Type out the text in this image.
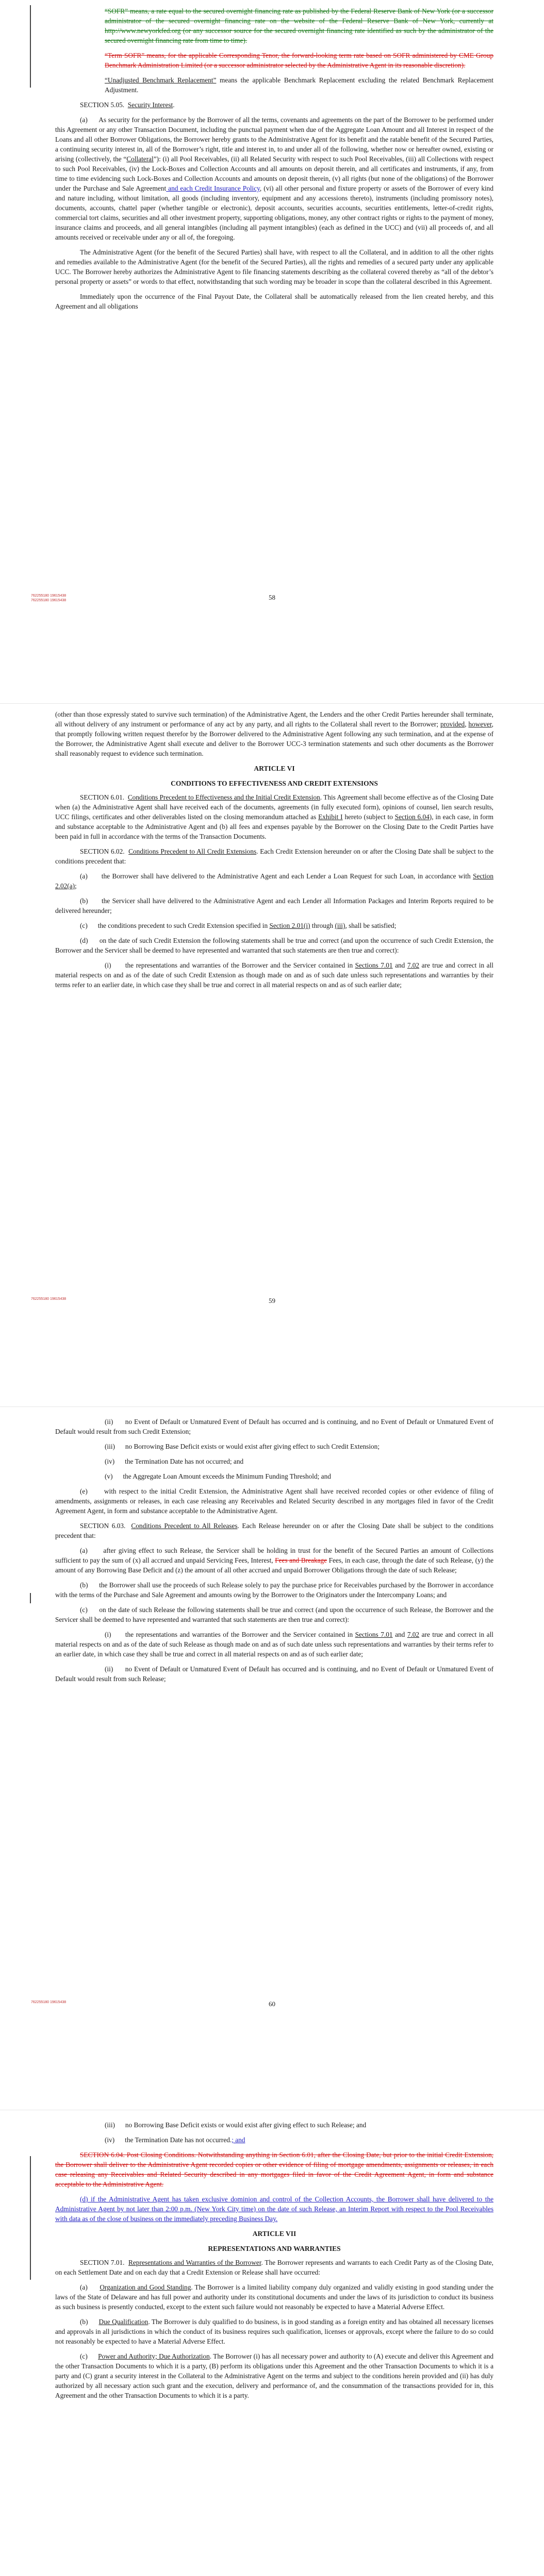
“SOFR” means, a rate equal to the secured overnight financing rate as published by the Federal Reserve Bank of New York (or a successor administrator of the secured overnight financing rate on the website of the Federal Reserve Bank of New York, currently at http://www.newyorkfed.org (or any successor source for the secured overnight financing rate identified as such by the administrator of the secured overnight financing rate from time to time).

“Term SOFR” means, for the applicable Corresponding Tenor, the forward-looking term rate based on SOFR administered by CME Group Benchmark Administration Limited (or a successor administrator selected by the Administrative Agent in its reasonable discretion).

“Unadjusted Benchmark Replacement” means the applicable Benchmark Replacement excluding the related Benchmark Replacement Adjustment.

SECTION 5.05. Security Interest.

(a) As security for the performance by the Borrower of all the terms, covenants and agreements on the part of the Borrower to be performed under this Agreement or any other Transaction Document, including the punctual payment when due of the Aggregate Loan Amount and all Interest in respect of the Loans and all other Borrower Obligations, the Borrower hereby grants to the Administrative Agent for its benefit and the ratable benefit of the Secured Parties, a continuing security interest in, all of the Borrower’s right, title and interest in, to and under all of the following, whether now or hereafter owned, existing or arising (collectively, the “Collateral”): (i) all Pool Receivables, (ii) all Related Security with respect to such Pool Receivables, (iii) all Collections with respect to such Pool Receivables, (iv) the Lock-Boxes and Collection Accounts and all amounts on deposit therein, and all certificates and instruments, if any, from time to time evidencing such Lock-Boxes and Collection Accounts and amounts on deposit therein, (v) all rights (but none of the obligations) of the Borrower under the Purchase and Sale Agreement and each Credit Insurance Policy, (vi) all other personal and fixture property or assets of the Borrower of every kind and nature including, without limitation, all goods (including inventory, equipment and any accessions thereto), instruments (including promissory notes), documents, accounts, chattel paper (whether tangible or electronic), deposit accounts, securities accounts, securities entitlements, letter-of-credit rights, commercial tort claims, securities and all other investment property, supporting obligations, money, any other contract rights or rights to the payment of money, insurance claims and proceeds, and all general intangibles (including all payment intangibles) (each as defined in the UCC) and (vii) all proceeds of, and all amounts received or receivable under any or all of, the foregoing.

The Administrative Agent (for the benefit of the Secured Parties) shall have, with respect to all the Collateral, and in addition to all the other rights and remedies available to the Administrative Agent (for the benefit of the Secured Parties), all the rights and remedies of a secured party under any applicable UCC. The Borrower hereby authorizes the Administrative Agent to file financing statements describing as the collateral covered thereby as “all of the debtor’s personal property or assets” or words to that effect, notwithstanding that such wording may be broader in scope than the collateral described in this Agreement.

Immediately upon the occurrence of the Final Payout Date, the Collateral shall be automatically released from the lien created hereby, and this Agreement and all obligations

762255180 19615438
762255180 19615438	58

(other than those expressly stated to survive such termination) of the Administrative Agent, the Lenders and the other Credit Parties hereunder shall terminate, all without delivery of any instrument or performance of any act by any party, and all rights to the Collateral shall revert to the Borrower; provided, however, that promptly following written request therefor by the Borrower delivered to the Administrative Agent following any such termination, and at the expense of the Borrower, the Administrative Agent shall execute and deliver to the Borrower UCC-3 termination statements and such other documents as the Borrower shall reasonably request to evidence such termination.

ARTICLE VI
CONDITIONS TO EFFECTIVENESS AND CREDIT EXTENSIONS

SECTION 6.01. Conditions Precedent to Effectiveness and the Initial Credit Extension. This Agreement shall become effective as of the Closing Date when (a) the Administrative Agent shall have received each of the documents, agreements (in fully executed form), opinions of counsel, lien search results, UCC filings, certificates and other deliverables listed on the closing memorandum attached as Exhibit I hereto (subject to Section 6.04), in each case, in form and substance acceptable to the Administrative Agent and (b) all fees and expenses payable by the Borrower on the Closing Date to the Credit Parties have been paid in full in accordance with the terms of the Transaction Documents.

SECTION 6.02. Conditions Precedent to All Credit Extensions. Each Credit Extension hereunder on or after the Closing Date shall be subject to the conditions precedent that:

(a) the Borrower shall have delivered to the Administrative Agent and each Lender a Loan Request for such Loan, in accordance with Section 2.02(a);

(b) the Servicer shall have delivered to the Administrative Agent and each Lender all Information Packages and Interim Reports required to be delivered hereunder;

(c) the conditions precedent to such Credit Extension specified in Section 2.01(i) through (iii), shall be satisfied;

(d) on the date of such Credit Extension the following statements shall be true and correct (and upon the occurrence of such Credit Extension, the Borrower and the Servicer shall be deemed to have represented and warranted that such statements are then true and correct):

(i) the representations and warranties of the Borrower and the Servicer contained in Sections 7.01 and 7.02 are true and correct in all material respects on and as of the date of such Credit Extension as though made on and as of such date unless such representations and warranties by their terms refer to an earlier date, in which case they shall be true and correct in all material respects on and as of such earlier date;

762255180 19615438	59

(ii) no Event of Default or Unmatured Event of Default has occurred and is continuing, and no Event of Default or Unmatured Event of Default would result from such Credit Extension;

(iii) no Borrowing Base Deficit exists or would exist after giving effect to such Credit Extension;

(iv) the Termination Date has not occurred; and

(v) the Aggregate Loan Amount exceeds the Minimum Funding Threshold; and

(e) with respect to the initial Credit Extension, the Administrative Agent shall have received recorded copies or other evidence of filing of amendments, assignments or releases, in each case releasing any Receivables and Related Security described in any mortgages filed in favor of the Credit Agreement Agent, in form and substance acceptable to the Administrative Agent.

SECTION 6.03. Conditions Precedent to All Releases. Each Release hereunder on or after the Closing Date shall be subject to the conditions precedent that:

(a) after giving effect to such Release, the Servicer shall be holding in trust for the benefit of the Secured Parties an amount of Collections sufficient to pay the sum of (x) all accrued and unpaid Servicing Fees, Interest, Fees and Breakage Fees, in each case, through the date of such Release, (y) the amount of any Borrowing Base Deficit and (z) the amount of all other accrued and unpaid Borrower Obligations through the date of such Release;

(b) the Borrower shall use the proceeds of such Release solely to pay the purchase price for Receivables purchased by the Borrower in accordance with the terms of the Purchase and Sale Agreement and amounts owing by the Borrower to the Originators under the Intercompany Loans; and

(c) on the date of such Release the following statements shall be true and correct (and upon the occurrence of such Release, the Borrower and the Servicer shall be deemed to have represented and warranted that such statements are then true and correct):

(i) the representations and warranties of the Borrower and the Servicer contained in Sections 7.01 and 7.02 are true and correct in all material respects on and as of the date of such Release as though made on and as of such date unless such representations and warranties by their terms refer to an earlier date, in which case they shall be true and correct in all material respects on and as of such earlier date;

(ii) no Event of Default or Unmatured Event of Default has occurred and is continuing, and no Event of Default or Unmatured Event of Default would result from such Release;

762255180 19615438	60

(iii) no Borrowing Base Deficit exists or would exist after giving effect to such Release; and

(iv) the Termination Date has not occurred.; and

SECTION 6.04. Post Closing Conditions. Notwithstanding anything in Section 6.01, after the Closing Date, but prior to the initial Credit Extension, the Borrower shall deliver to the Administrative Agent recorded copies or other evidence of filing of mortgage amendments, assignments or releases, in each case releasing any Receivables and Related Security described in any mortgages filed in favor of the Credit Agreement Agent, in form and substance acceptable to the Administrative Agent.

(d) if the Administrative Agent has taken exclusive dominion and control of the Collection Accounts, the Borrower shall have delivered to the Administrative Agent by not later than 2:00 p.m. (New York City time) on the date of such Release, an Interim Report with respect to the Pool Receivables with data as of the close of business on the immediately preceding Business Day.

ARTICLE VII
REPRESENTATIONS AND WARRANTIES

SECTION 7.01. Representations and Warranties of the Borrower. The Borrower represents and warrants to each Credit Party as of the Closing Date, on each Settlement Date and on each day that a Credit Extension or Release shall have occurred:

(a) Organization and Good Standing. The Borrower is a limited liability company duly organized and validly existing in good standing under the laws of the State of Delaware and has full power and authority under its constitutional documents and under the laws of its jurisdiction to conduct its business as such business is presently conducted, except to the extent such failure would not reasonably be expected to have a Material Adverse Effect.

(b) Due Qualification. The Borrower is duly qualified to do business, is in good standing as a foreign entity and has obtained all necessary licenses and approvals in all jurisdictions in which the conduct of its business requires such qualification, licenses or approvals, except where the failure to do so could not reasonably be expected to have a Material Adverse Effect.

(c) Power and Authority; Due Authorization. The Borrower (i) has all necessary power and authority to (A) execute and deliver this Agreement and the other Transaction Documents to which it is a party, (B) perform its obligations under this Agreement and the other Transaction Documents to which it is a party and (C) grant a security interest in the Collateral to the Administrative Agent on the terms and subject to the conditions herein provided and (ii) has duly authorized by all necessary action such grant and the execution, delivery and performance of, and the consummation of the transactions provided for in, this Agreement and the other Transaction Documents to which it is a party.
